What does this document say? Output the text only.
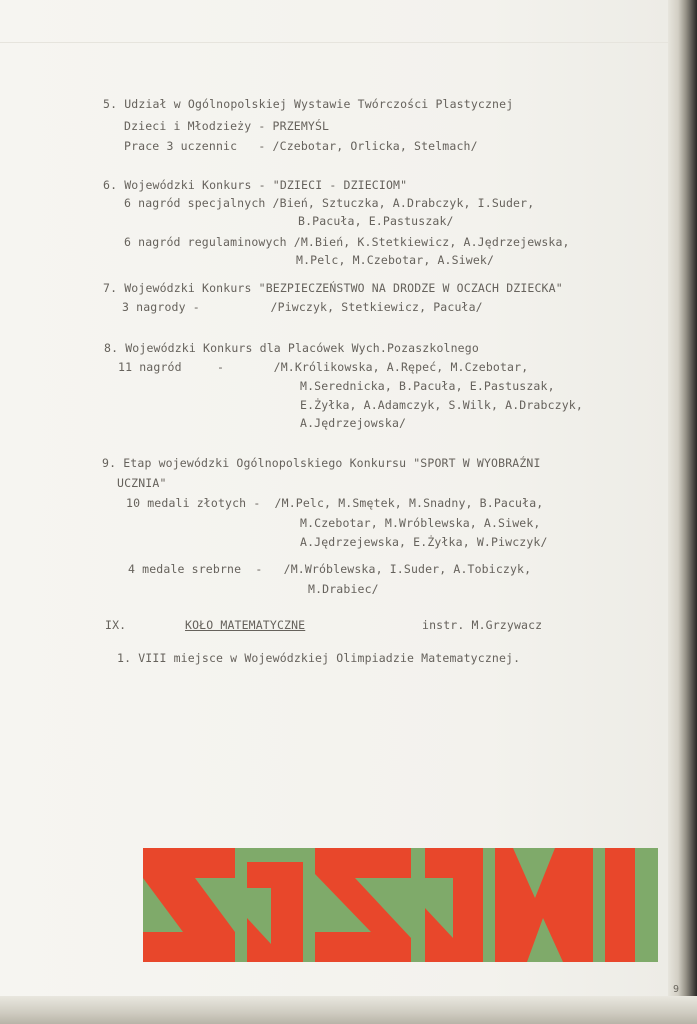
5. Udział w Ogólnopolskiej Wystawie Twórczości Plastycznej

Dzieci i Młodzieży - PRZEMYŚL

Prace 3 uczennic   - /Czebotar, Orlicka, Stelmach/

6. Wojewódzki Konkurs - "DZIECI - DZIECIOM"

6 nagród specjalnych /Bień, Sztuczka, A.Drabczyk, I.Suder,

B.Pacuła, E.Pastuszak/

6 nagród regulaminowych /M.Bień, K.Stetkiewicz, A.Jędrzejewska,

M.Pelc, M.Czebotar, A.Siwek/

7. Wojewódzki Konkurs "BEZPIECZEŃSTWO NA DRODZE W OCZACH DZIECKA"

3 nagrody -          /Piwczyk, Stetkiewicz, Pacuła/

8. Wojewódzki Konkurs dla Placówek Wych.Pozaszkolnego

11 nagród     -       /M.Królikowska, A.Rępeć, M.Czebotar,

M.Serednicka, B.Pacuła, E.Pastuszak,

E.Żyłka, A.Adamczyk, S.Wilk, A.Drabczyk,

A.Jędrzejowska/

9. Etap wojewódzki Ogólnopolskiego Konkursu "SPORT W WYOBRAŹNI

UCZNIA"

10 medali złotych -  /M.Pelc, M.Smętek, M.Snadny, B.Pacuła,

M.Czebotar, M.Wróblewska, A.Siwek,

A.Jędrzejewska, E.Żyłka, W.Piwczyk/

4 medale srebrne  -   /M.Wróblewska, I.Suder, A.Tobiczyk,

M.Drabiec/

IX.	KOŁO MATEMATYCZNE	instr. M.Grzywacz

1. VIII miejsce w Wojewódzkiej Olimpiadzie Matematycznej.

9
